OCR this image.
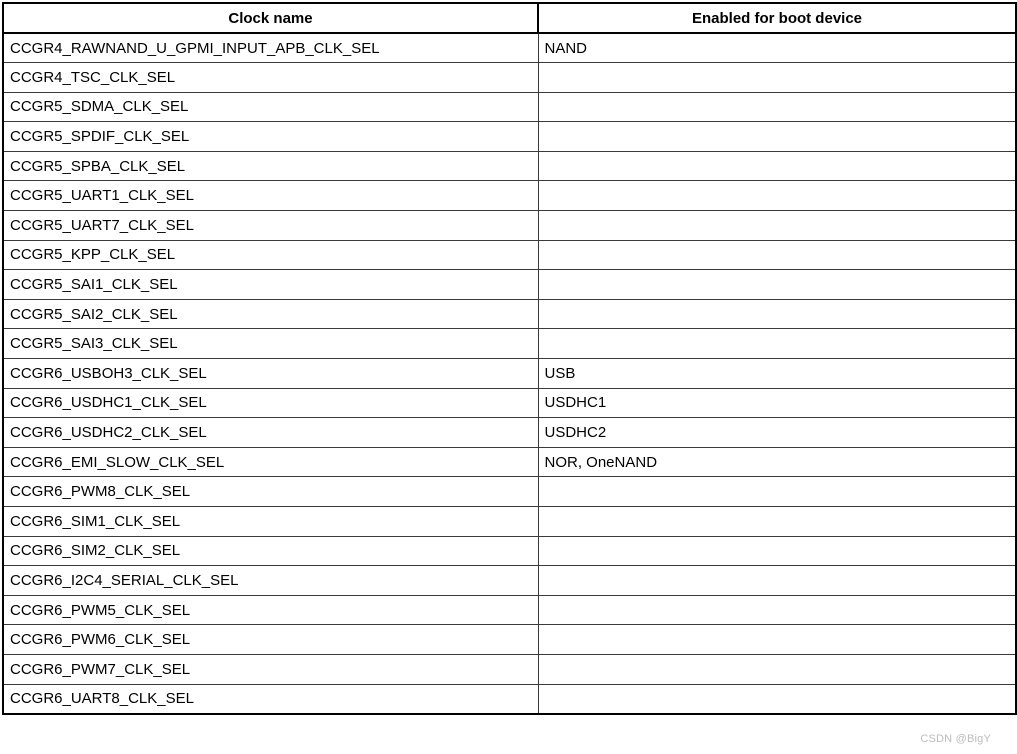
Clock name	Enabled for boot device
CCGR4_RAWNAND_U_GPMI_INPUT_APB_CLK_SEL	NAND
CCGR4_TSC_CLK_SEL	
CCGR5_SDMA_CLK_SEL	
CCGR5_SPDIF_CLK_SEL	
CCGR5_SPBA_CLK_SEL	
CCGR5_UART1_CLK_SEL	
CCGR5_UART7_CLK_SEL	
CCGR5_KPP_CLK_SEL	
CCGR5_SAI1_CLK_SEL	
CCGR5_SAI2_CLK_SEL	
CCGR5_SAI3_CLK_SEL	
CCGR6_USBOH3_CLK_SEL	USB
CCGR6_USDHC1_CLK_SEL	USDHC1
CCGR6_USDHC2_CLK_SEL	USDHC2
CCGR6_EMI_SLOW_CLK_SEL	NOR, OneNAND
CCGR6_PWM8_CLK_SEL	
CCGR6_SIM1_CLK_SEL	
CCGR6_SIM2_CLK_SEL	
CCGR6_I2C4_SERIAL_CLK_SEL	
CCGR6_PWM5_CLK_SEL	
CCGR6_PWM6_CLK_SEL	
CCGR6_PWM7_CLK_SEL	
CCGR6_UART8_CLK_SEL	
CSDN @BigY
